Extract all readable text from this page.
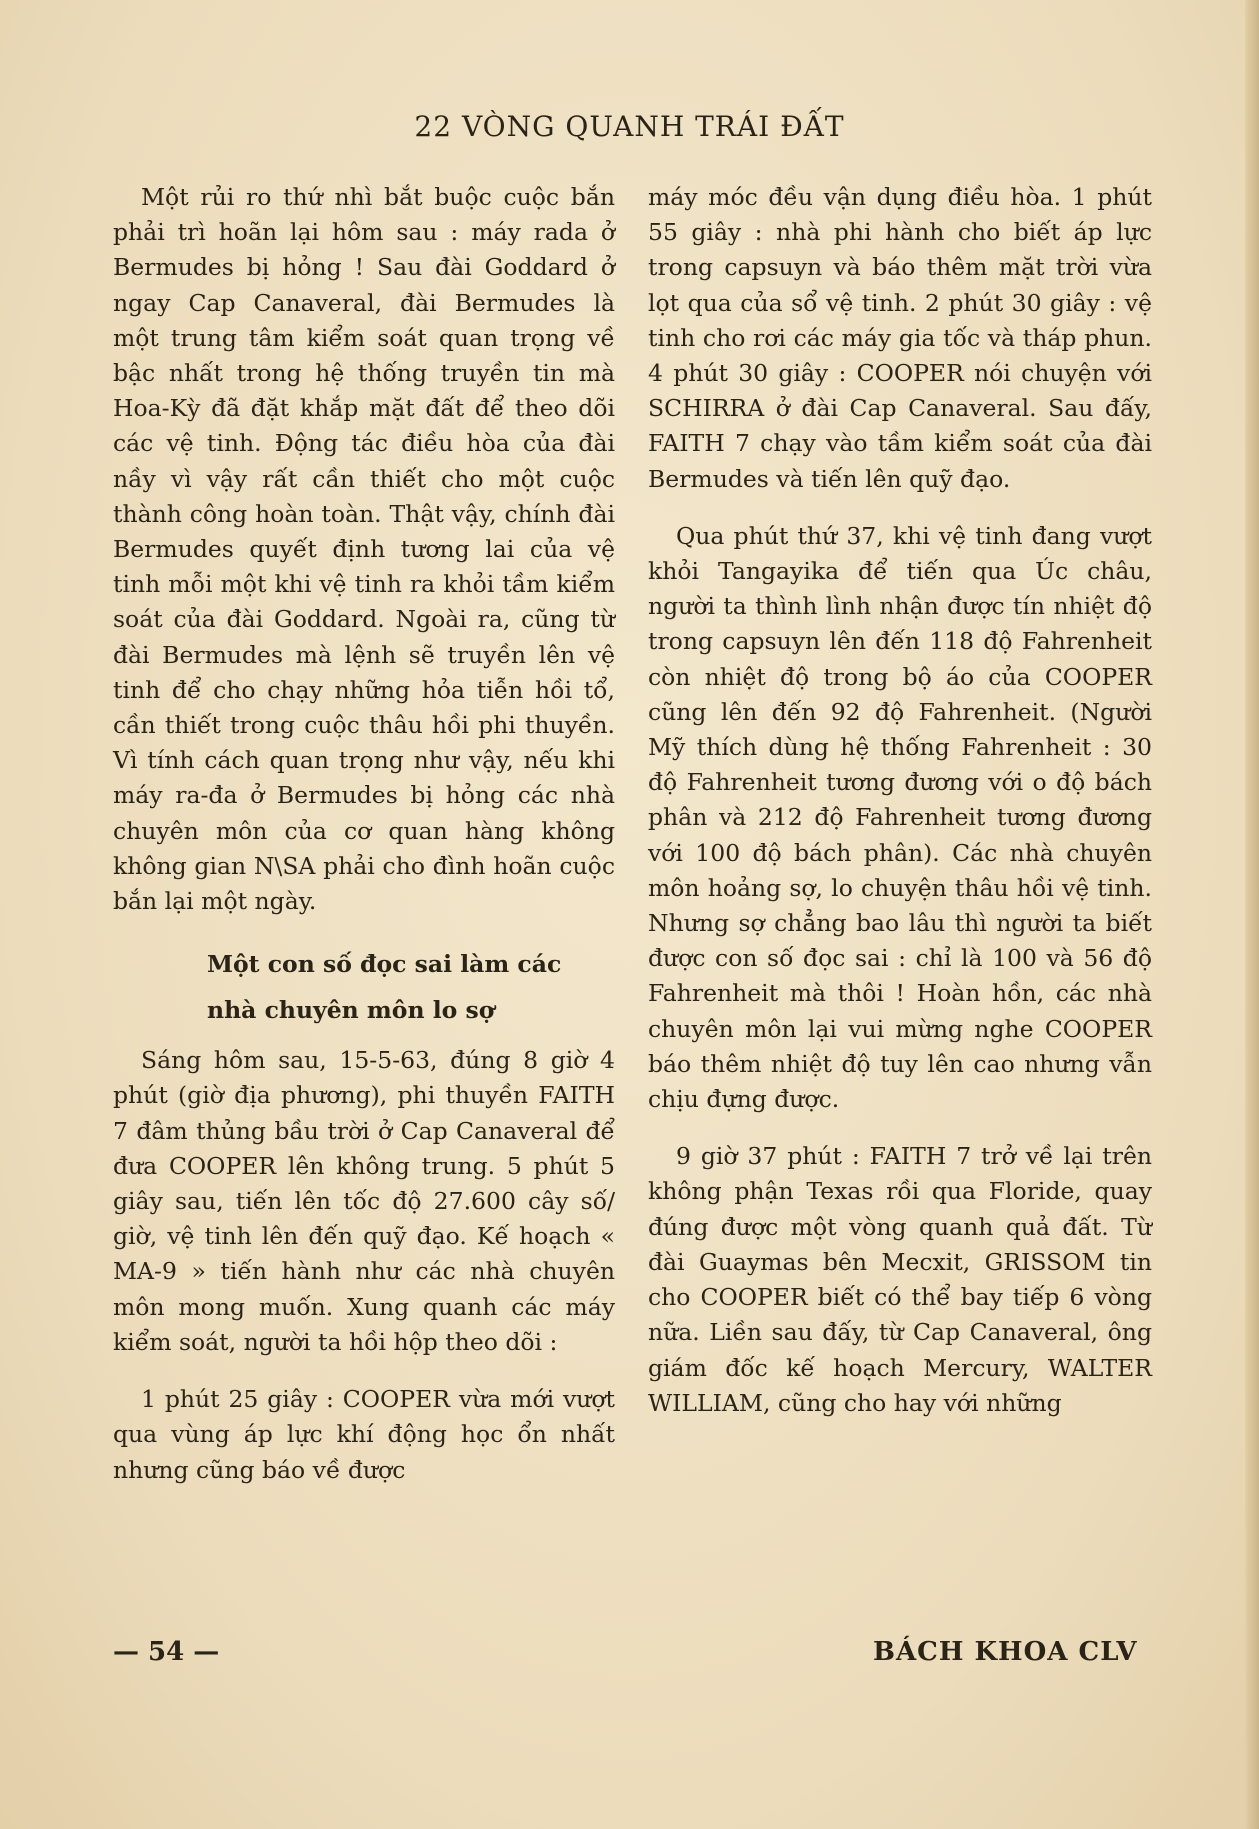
22 VÒNG QUANH TRÁI ĐẤT

Một rủi ro thứ nhì bắt buộc cuộc bắn phải trì hoãn lại hôm sau : máy rada ở Bermudes bị hỏng ! Sau đài Goddard ở ngay Cap Canaveral, đài Bermudes là một trung tâm kiểm soát quan trọng về bậc nhất trong hệ thống truyền tin mà Hoa-Kỳ đã đặt khắp mặt đất để theo dõi các vệ tinh. Động tác điều hòa của đài nầy vì vậy rất cần thiết cho một cuộc thành công hoàn toàn. Thật vậy, chính đài Bermudes quyết định tương lai của vệ tinh mỗi một khi vệ tinh ra khỏi tầm kiểm soát của đài Goddard. Ngoài ra, cũng từ đài Bermudes mà lệnh sẽ truyền lên vệ tinh để cho chạy những hỏa tiễn hồi tổ, cần thiết trong cuộc thâu hồi phi thuyền. Vì tính cách quan trọng như vậy, nếu khi máy ra-đa ở Bermudes bị hỏng các nhà chuyên môn của cơ quan hàng không không gian N\SA phải cho đình hoãn cuộc bắn lại một ngày.

Một con số đọc sai làm các
nhà chuyên môn lo sợ

Sáng hôm sau, 15-5-63, đúng 8 giờ 4 phút (giờ địa phương), phi thuyền FAITH 7 đâm thủng bầu trời ở Cap Canaveral để đưa COOPER lên không trung. 5 phút 5 giây sau, tiến lên tốc độ 27.600 cây số/ giờ, vệ tinh lên đến quỹ đạo. Kế hoạch « MA-9 » tiến hành như các nhà chuyên môn mong muốn. Xung quanh các máy kiểm soát, người ta hồi hộp theo dõi :

1 phút 25 giây : COOPER vừa mới vượt qua vùng áp lực khí động học ổn nhất nhưng cũng báo về được

máy móc đều vận dụng điều hòa. 1 phút 55 giây : nhà phi hành cho biết áp lực trong capsuyn và báo thêm mặt trời vừa lọt qua của sổ vệ tinh. 2 phút 30 giây : vệ tinh cho rơi các máy gia tốc và tháp phun. 4 phút 30 giây : COOPER nói chuyện với SCHIRRA ở đài Cap Canaveral. Sau đấy, FAITH 7 chạy vào tầm kiểm soát của đài Bermudes và tiến lên quỹ đạo.

Qua phút thứ 37, khi vệ tinh đang vượt khỏi Tangayika để tiến qua Úc châu, người ta thình lình nhận được tín nhiệt độ trong capsuyn lên đến 118 độ Fahrenheit còn nhiệt độ trong bộ áo của COOPER cũng lên đến 92 độ Fahrenheit. (Người Mỹ thích dùng hệ thống Fahrenheit : 30 độ Fahrenheit tương đương với o độ bách phân và 212 độ Fahrenheit tương đương với 100 độ bách phân). Các nhà chuyên môn hoảng sợ, lo chuyện thâu hồi vệ tinh. Nhưng sợ chẳng bao lâu thì người ta biết được con số đọc sai : chỉ là 100 và 56 độ Fahrenheit mà thôi ! Hoàn hồn, các nhà chuyên môn lại vui mừng nghe COOPER báo thêm nhiệt độ tuy lên cao nhưng vẫn chịu đựng được.

9 giờ 37 phút : FAITH 7 trở về lại trên không phận Texas rồi qua Floride, quay đúng được một vòng quanh quả đất. Từ đài Guaymas bên Mecxit, GRISSOM tin cho COOPER biết có thể bay tiếp 6 vòng nữa. Liền sau đấy, từ Cap Canaveral, ông giám đốc kế hoạch Mercury, WALTER WILLIAM, cũng cho hay với những

— 54 —	BÁCH KHOA CLV
